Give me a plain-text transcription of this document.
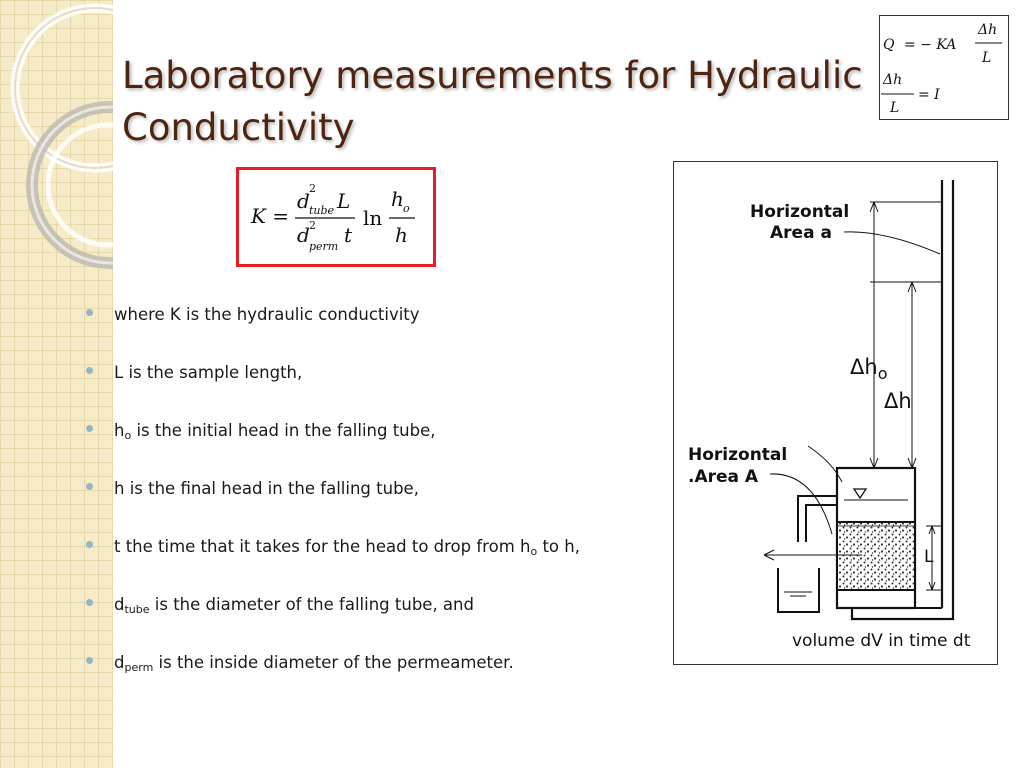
Laboratory measurements for Hydraulic Conductivity
Q = − KA
Δh
L
Δh
L
= I
K =
d
2
tube L
d 2
perm t
ln
h o
h
where K is the hydraulic conductivity
L is the sample length,
$h_o$ is the initial head in the falling tube,
h is the final head in the falling tube,
t the time that it takes for the head to drop from $h_o$ to h,
$d_{tube}$ is the diameter of the falling tube, and
$d_{perm}$ is the inside diameter of the permeameter.
Horizontal
Area a
$\Delta h_o$
Δh
Horizontal
.Area A
L
volume dV in time dt
